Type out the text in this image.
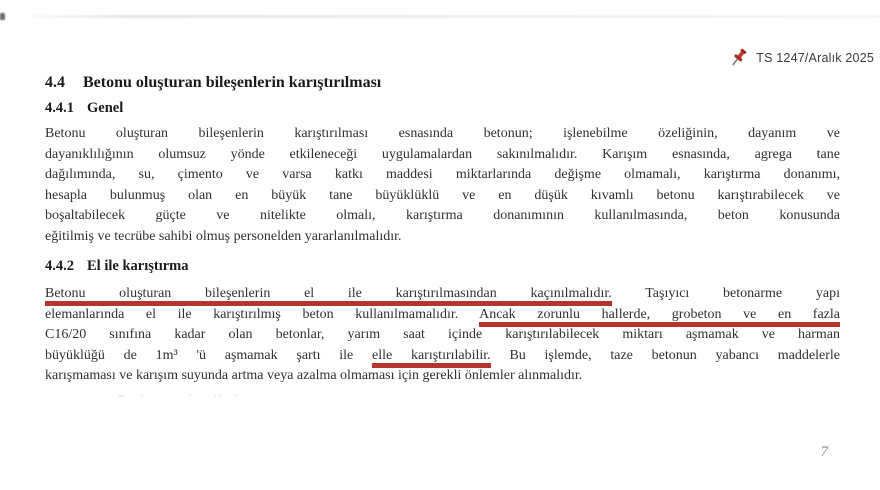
TS 1247/Aralık 2025
4.4 Betonu oluşturan bileşenlerin karıştırılması
4.4.1 Genel
Betonu oluşturan bileşenlerin karıştırılması esnasında betonun; işlenebilme özeliğinin, dayanım ve
dayanıklılığının olumsuz yönde etkileneceği uygulamalardan sakınılmalıdır. Karışım esnasında, agrega tane
dağılımında, su, çimento ve varsa katkı maddesi miktarlarında değişme olmamalı, karıştırma donanımı,
hesapla bulunmuş olan en büyük tane büyüklüklü ve en düşük kıvamlı betonu karıştırabilecek ve
boşaltabilecek güçte ve nitelikte olmalı, karıştırma donanımının kullanılmasında, beton konusunda
eğitilmiş ve tecrübe sahibi olmuş personelden yararlanılmalıdır.
4.4.2 El ile karıştırma
Betonu oluşturan bileşenlerin el ile karıştırılmasından kaçınılmalıdır. Taşıyıcı betonarme yapı
elemanlarında el ile karıştırılmış beton kullanılmamalıdır. Ancak zorunlu hallerde, grobeton ve en fazla
C16/20 sınıfına kadar olan betonlar, yarım saat içinde karıştırılabilecek miktarı aşmamak ve harman
büyüklüğü de 1m³ 'ü aşmamak şartı ile elle karıştırılabilir. Bu işlemde, taze betonun yabancı maddelerle
karışmaması ve karışım suyunda artma veya azalma olmaması için gerekli önlemler alınmalıdır.
–   ·         ·    ··  ·
7
